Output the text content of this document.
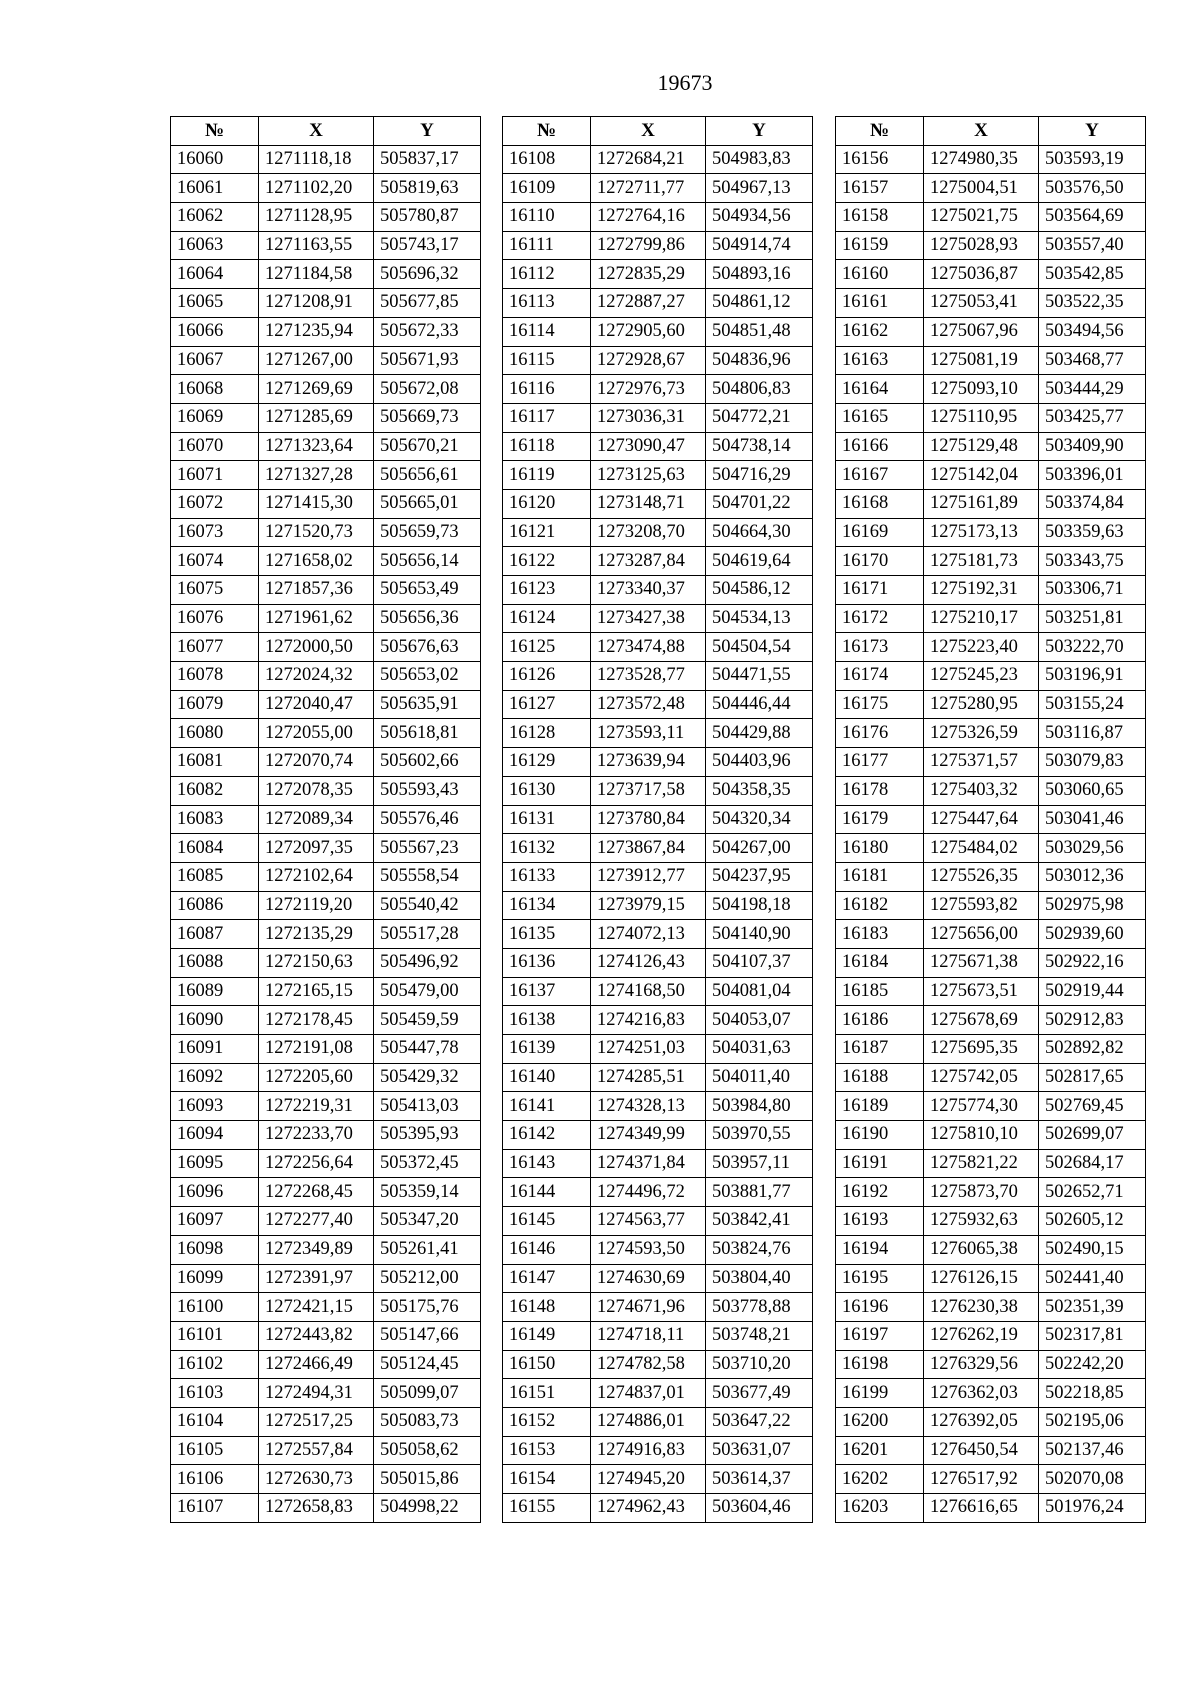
19673
№	X	Y
16060	1271118,18	505837,17
16061	1271102,20	505819,63
16062	1271128,95	505780,87
16063	1271163,55	505743,17
16064	1271184,58	505696,32
16065	1271208,91	505677,85
16066	1271235,94	505672,33
16067	1271267,00	505671,93
16068	1271269,69	505672,08
16069	1271285,69	505669,73
16070	1271323,64	505670,21
16071	1271327,28	505656,61
16072	1271415,30	505665,01
16073	1271520,73	505659,73
16074	1271658,02	505656,14
16075	1271857,36	505653,49
16076	1271961,62	505656,36
16077	1272000,50	505676,63
16078	1272024,32	505653,02
16079	1272040,47	505635,91
16080	1272055,00	505618,81
16081	1272070,74	505602,66
16082	1272078,35	505593,43
16083	1272089,34	505576,46
16084	1272097,35	505567,23
16085	1272102,64	505558,54
16086	1272119,20	505540,42
16087	1272135,29	505517,28
16088	1272150,63	505496,92
16089	1272165,15	505479,00
16090	1272178,45	505459,59
16091	1272191,08	505447,78
16092	1272205,60	505429,32
16093	1272219,31	505413,03
16094	1272233,70	505395,93
16095	1272256,64	505372,45
16096	1272268,45	505359,14
16097	1272277,40	505347,20
16098	1272349,89	505261,41
16099	1272391,97	505212,00
16100	1272421,15	505175,76
16101	1272443,82	505147,66
16102	1272466,49	505124,45
16103	1272494,31	505099,07
16104	1272517,25	505083,73
16105	1272557,84	505058,62
16106	1272630,73	505015,86
16107	1272658,83	504998,22
№	X	Y
16108	1272684,21	504983,83
16109	1272711,77	504967,13
16110	1272764,16	504934,56
16111	1272799,86	504914,74
16112	1272835,29	504893,16
16113	1272887,27	504861,12
16114	1272905,60	504851,48
16115	1272928,67	504836,96
16116	1272976,73	504806,83
16117	1273036,31	504772,21
16118	1273090,47	504738,14
16119	1273125,63	504716,29
16120	1273148,71	504701,22
16121	1273208,70	504664,30
16122	1273287,84	504619,64
16123	1273340,37	504586,12
16124	1273427,38	504534,13
16125	1273474,88	504504,54
16126	1273528,77	504471,55
16127	1273572,48	504446,44
16128	1273593,11	504429,88
16129	1273639,94	504403,96
16130	1273717,58	504358,35
16131	1273780,84	504320,34
16132	1273867,84	504267,00
16133	1273912,77	504237,95
16134	1273979,15	504198,18
16135	1274072,13	504140,90
16136	1274126,43	504107,37
16137	1274168,50	504081,04
16138	1274216,83	504053,07
16139	1274251,03	504031,63
16140	1274285,51	504011,40
16141	1274328,13	503984,80
16142	1274349,99	503970,55
16143	1274371,84	503957,11
16144	1274496,72	503881,77
16145	1274563,77	503842,41
16146	1274593,50	503824,76
16147	1274630,69	503804,40
16148	1274671,96	503778,88
16149	1274718,11	503748,21
16150	1274782,58	503710,20
16151	1274837,01	503677,49
16152	1274886,01	503647,22
16153	1274916,83	503631,07
16154	1274945,20	503614,37
16155	1274962,43	503604,46
№	X	Y
16156	1274980,35	503593,19
16157	1275004,51	503576,50
16158	1275021,75	503564,69
16159	1275028,93	503557,40
16160	1275036,87	503542,85
16161	1275053,41	503522,35
16162	1275067,96	503494,56
16163	1275081,19	503468,77
16164	1275093,10	503444,29
16165	1275110,95	503425,77
16166	1275129,48	503409,90
16167	1275142,04	503396,01
16168	1275161,89	503374,84
16169	1275173,13	503359,63
16170	1275181,73	503343,75
16171	1275192,31	503306,71
16172	1275210,17	503251,81
16173	1275223,40	503222,70
16174	1275245,23	503196,91
16175	1275280,95	503155,24
16176	1275326,59	503116,87
16177	1275371,57	503079,83
16178	1275403,32	503060,65
16179	1275447,64	503041,46
16180	1275484,02	503029,56
16181	1275526,35	503012,36
16182	1275593,82	502975,98
16183	1275656,00	502939,60
16184	1275671,38	502922,16
16185	1275673,51	502919,44
16186	1275678,69	502912,83
16187	1275695,35	502892,82
16188	1275742,05	502817,65
16189	1275774,30	502769,45
16190	1275810,10	502699,07
16191	1275821,22	502684,17
16192	1275873,70	502652,71
16193	1275932,63	502605,12
16194	1276065,38	502490,15
16195	1276126,15	502441,40
16196	1276230,38	502351,39
16197	1276262,19	502317,81
16198	1276329,56	502242,20
16199	1276362,03	502218,85
16200	1276392,05	502195,06
16201	1276450,54	502137,46
16202	1276517,92	502070,08
16203	1276616,65	501976,24
